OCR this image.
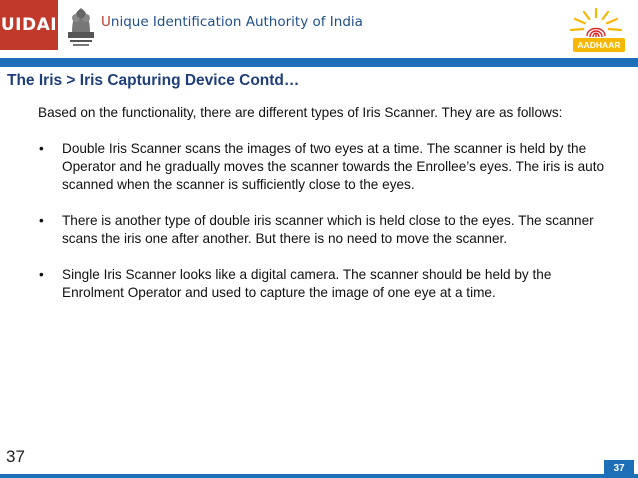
UIDAI	Unique Identification Authority of India
AADHAAR
The Iris > Iris Capturing Device Contd…

Based on the functionality, there are different types of Iris Scanner. They are as follows:

• Double Iris Scanner scans the images of two eyes at a time. The scanner is held by the Operator and he gradually moves the scanner towards the Enrollee’s eyes. The iris is auto scanned when the scanner is sufficiently close to the eyes.
• There is another type of double iris scanner which is held close to the eyes. The scanner scans the iris one after another. But there is no need to move the scanner.
• Single Iris Scanner looks like a digital camera. The scanner should be held by the Enrolment Operator and used to capture the image of one eye at a time.
37
37
